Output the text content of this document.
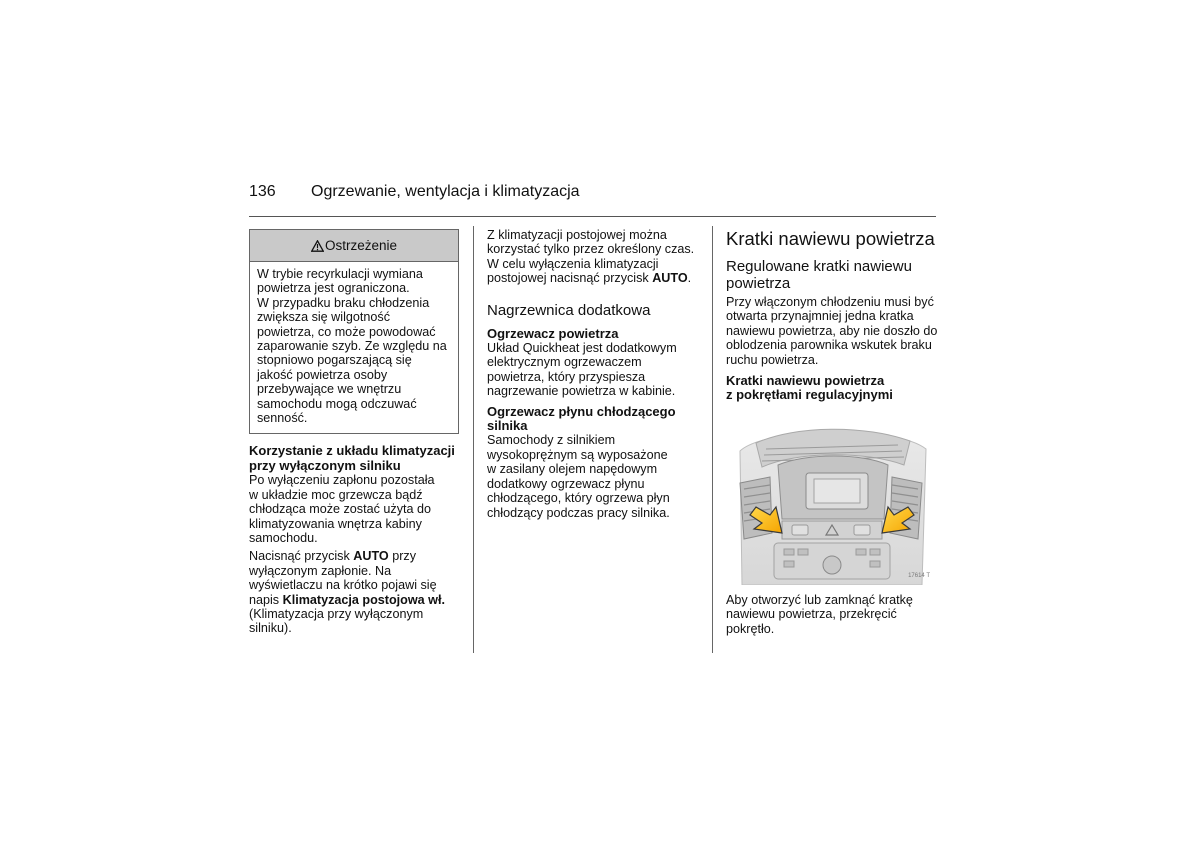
136 Ogrzewanie, wentylacja i klimatyzacja
Ostrzeżenie
W trybie recyrkulacji wymiana
powietrza jest ograniczona.
W przypadku braku chłodzenia
zwiększa się wilgotność
powietrza, co może powodować
zaparowanie szyb. Ze względu na
stopniowo pogarszającą się
jakość powietrza osoby
przebywające we wnętrzu
samochodu mogą odczuwać
senność.
Korzystanie z układu klimatyzacji
przy wyłączonym silniku
Po wyłączeniu zapłonu pozostała
w układzie moc grzewcza bądź
chłodząca może zostać użyta do
klimatyzowania wnętrza kabiny
samochodu.
Nacisnąć przycisk AUTO przy
wyłączonym zapłonie. Na
wyświetlaczu na krótko pojawi się
napis Klimatyzacja postojowa wł.
(Klimatyzacja przy wyłączonym
silniku).
Z klimatyzacji postojowej można
korzystać tylko przez określony czas.
W celu wyłączenia klimatyzacji
postojowej nacisnąć przycisk AUTO.
Nagrzewnica dodatkowa
Ogrzewacz powietrza
Układ Quickheat jest dodatkowym
elektrycznym ogrzewaczem
powietrza, który przyspiesza
nagrzewanie powietrza w kabinie.
Ogrzewacz płynu chłodzącego
silnika
Samochody z silnikiem
wysokoprężnym są wyposażone
w zasilany olejem napędowym
dodatkowy ogrzewacz płynu
chłodzącego, który ogrzewa płyn
chłodzący podczas pracy silnika.
Kratki nawiewu powietrza
Regulowane kratki nawiewu
powietrza
Przy włączonym chłodzeniu musi być
otwarta przynajmniej jedna kratka
nawiewu powietrza, aby nie doszło do
oblodzenia parownika wskutek braku
ruchu powietrza.
Kratki nawiewu powietrza
z pokrętłami regulacyjnymi
17614 T
Aby otworzyć lub zamknąć kratkę
nawiewu powietrza, przekręcić
pokrętło.
